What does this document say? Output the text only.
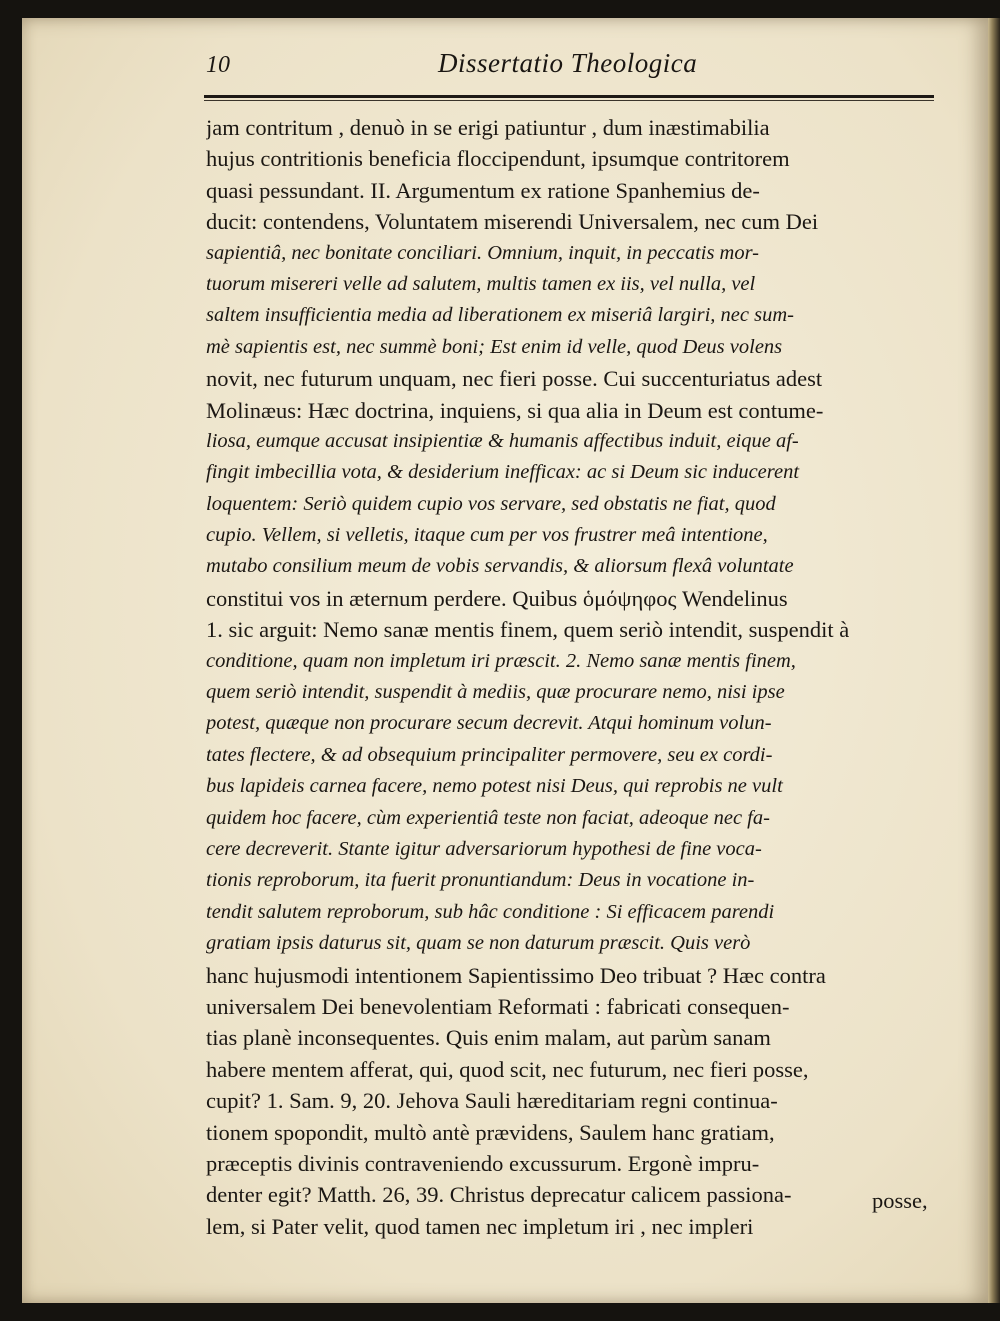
10	Dissertatio Theologica
jam contritum , denuò in se erigi patiuntur , dum inæstimabilia
hujus contritionis beneficia floccipendunt, ipsumque contritorem
quasi pessundant. II. Argumentum ex ratione Spanhemius de-
ducit: contendens, Voluntatem miserendi Universalem, nec cum Dei
sapientiâ, nec bonitate conciliari. Omnium, inquit, in peccatis mor-
tuorum misereri velle ad salutem, multis tamen ex iis, vel nulla, vel
saltem insufficientia media ad liberationem ex miseriâ largiri, nec sum-
mè sapientis est, nec summè boni; Est enim id velle, quod Deus volens
novit, nec futurum unquam, nec fieri posse. Cui succenturiatus adest
Molinæus: Hæc doctrina, inquiens, si qua alia in Deum est contume-
liosa, eumque accusat insipientiæ & humanis affectibus induit, eique af-
fingit imbecillia vota, & desiderium inefficax: ac si Deum sic inducerent
loquentem: Seriò quidem cupio vos servare, sed obstatis ne fiat, quod
cupio. Vellem, si velletis, itaque cum per vos frustrer meâ intentione,
mutabo consilium meum de vobis servandis, & aliorsum flexâ voluntate
constitui vos in æternum perdere. Quibus ὁμόψηφος Wendelinus
1. sic arguit: Nemo sanæ mentis finem, quem seriò intendit, suspendit à
conditione, quam non impletum iri præscit. 2. Nemo sanæ mentis finem,
quem seriò intendit, suspendit à mediis, quæ procurare nemo, nisi ipse
potest, quæque non procurare secum decrevit. Atqui hominum volun-
tates flectere, & ad obsequium principaliter permovere, seu ex cordi-
bus lapideis carnea facere, nemo potest nisi Deus, qui reprobis ne vult
quidem hoc facere, cùm experientiâ teste non faciat, adeoque nec fa-
cere decreverit. Stante igitur adversariorum hypothesi de fine voca-
tionis reproborum, ita fuerit pronuntiandum: Deus in vocatione in-
tendit salutem reproborum, sub hâc conditione : Si efficacem parendi
gratiam ipsis daturus sit, quam se non daturum præscit. Quis verò
hanc hujusmodi intentionem Sapientissimo Deo tribuat ? Hæc contra
universalem Dei benevolentiam Reformati : fabricati consequen-
tias planè inconsequentes. Quis enim malam, aut parùm sanam
habere mentem afferat, qui, quod scit, nec futurum, nec fieri posse,
cupit? 1. Sam. 9, 20. Jehova Sauli hæreditariam regni continua-
tionem spopondit, multò antè prævidens, Saulem hanc gratiam,
præceptis divinis contraveniendo excussurum. Ergonè impru-
denter egit? Matth. 26, 39. Christus deprecatur calicem passiona-
lem, si Pater velit, quod tamen nec impletum iri , nec impleri
posse,
